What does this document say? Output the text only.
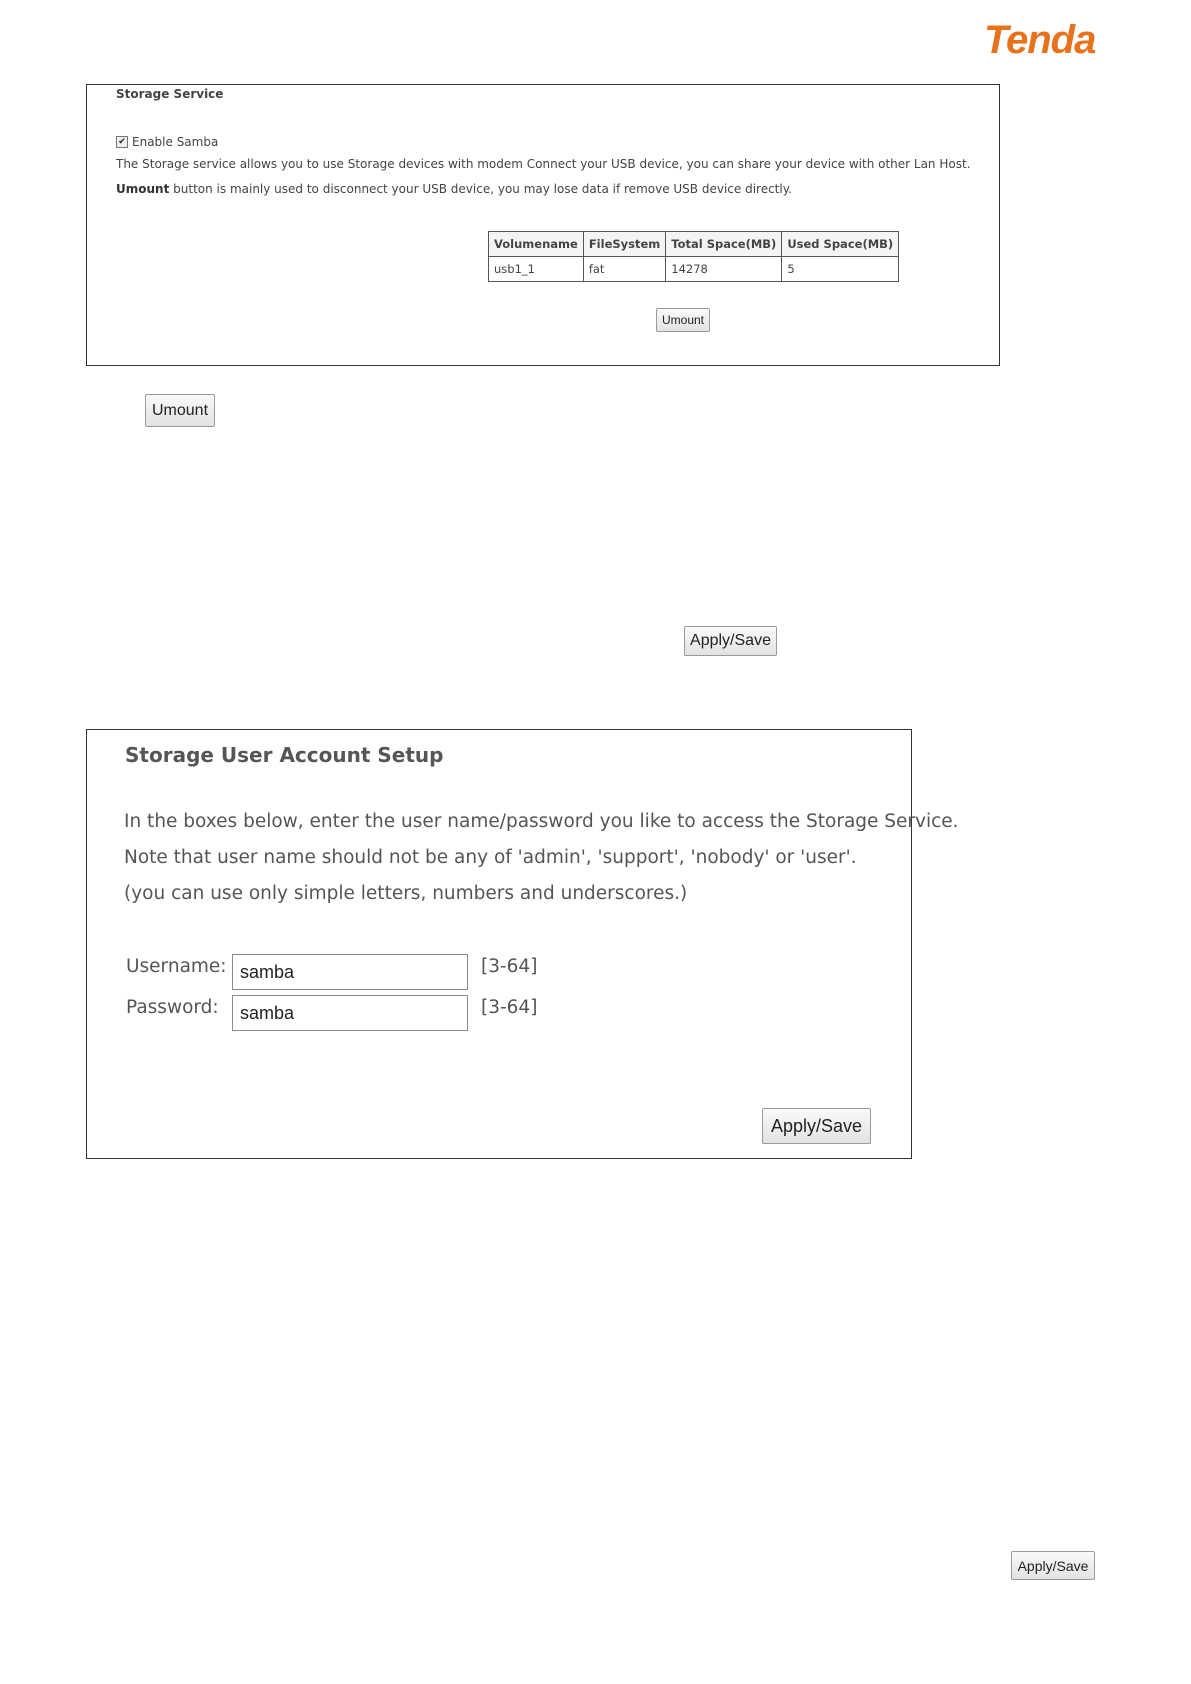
Tenda
Storage Service
✔ Enable Samba
The Storage service allows you to use Storage devices with modem Connect your USB device, you can share your device with other Lan Host.
Umount button is mainly used to disconnect your USB device, you may lose data if remove USB device directly.
Volumename	FileSystem	Total Space(MB)	Used Space(MB)
usb1_1	fat	14278	5
Umount
Umount
Apply/Save
Storage User Account Setup
In the boxes below, enter the user name/password you like to access the Storage Service.
Note that user name should not be any of 'admin', 'support', 'nobody' or 'user'.
(you can use only simple letters, numbers and underscores.)
Username:
samba	[3-64]
Password:
samba	[3-64]
Apply/Save
Apply/Save
